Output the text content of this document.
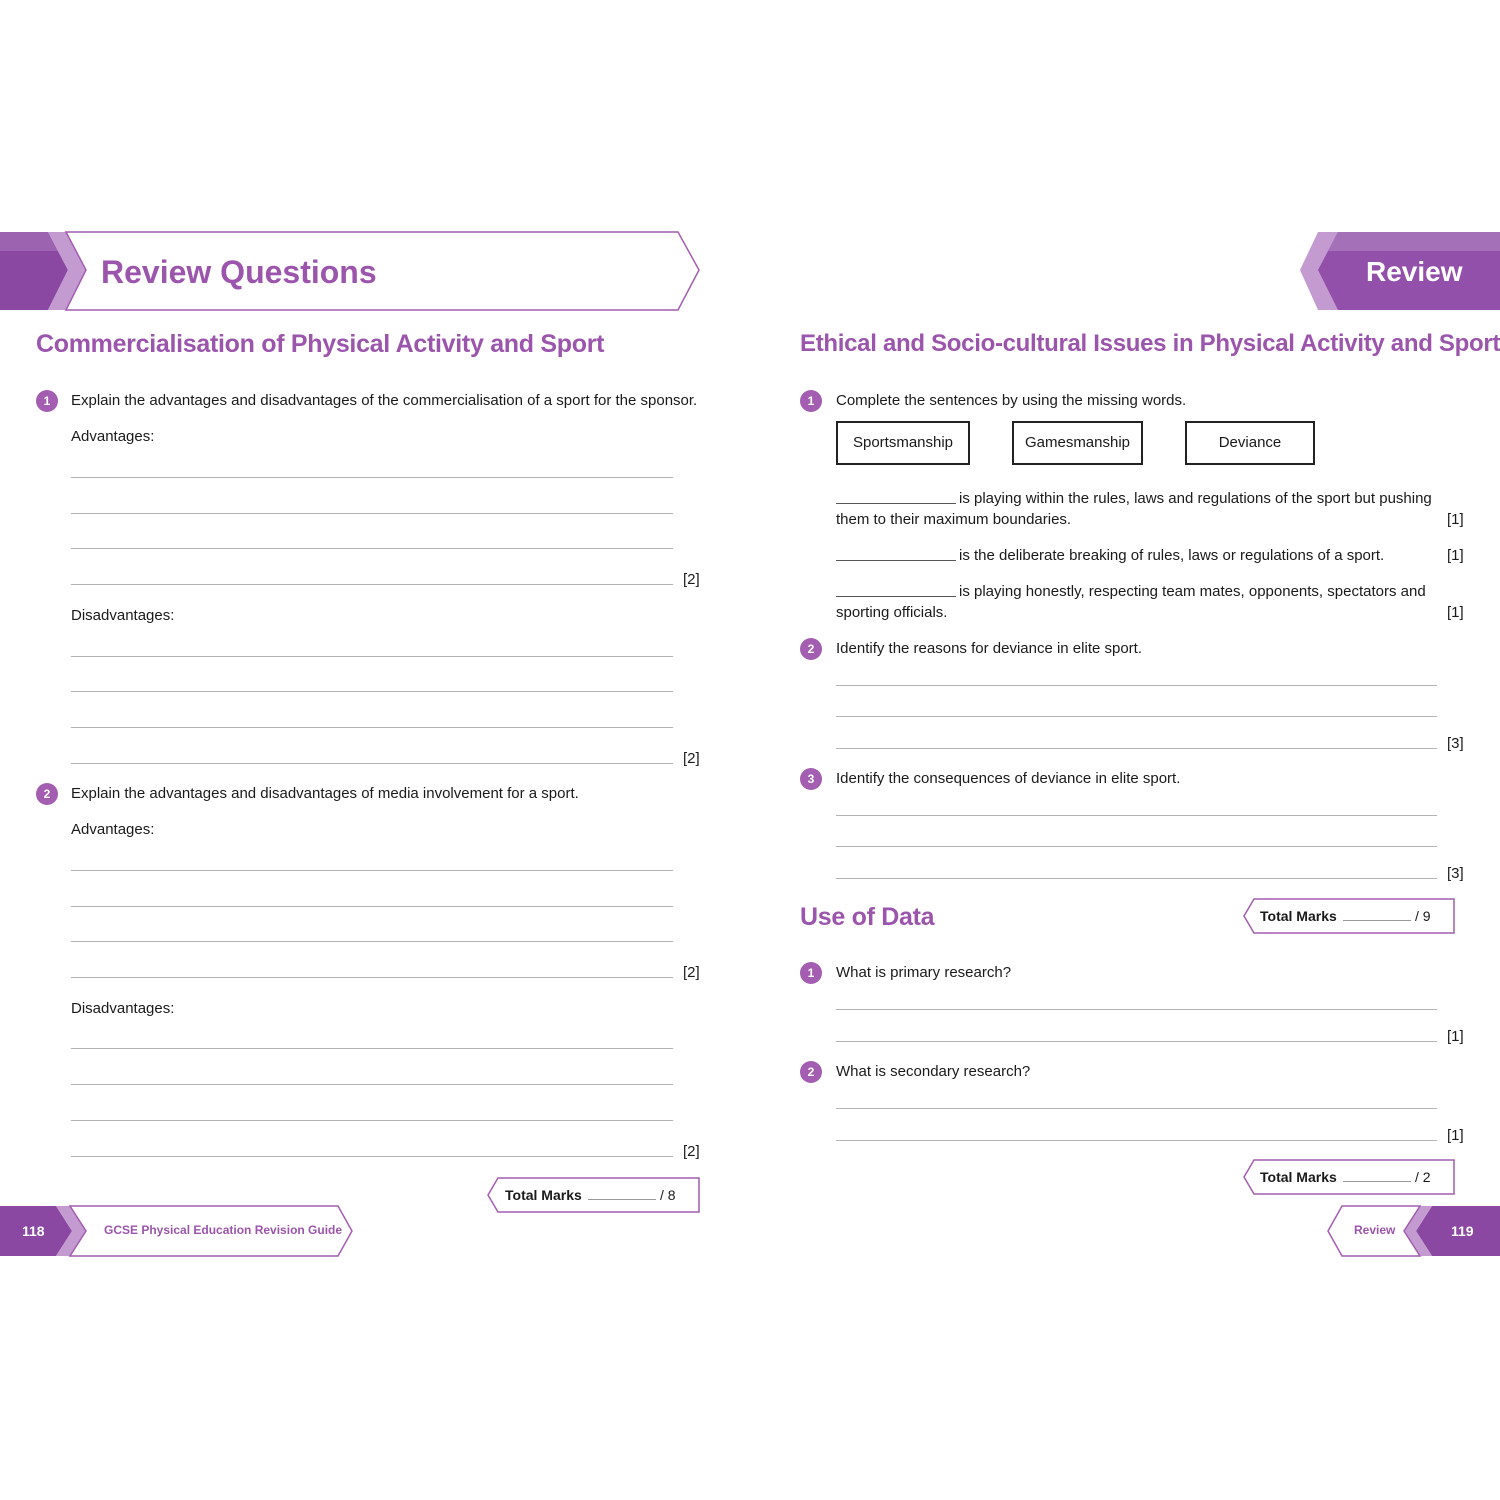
Review Questions
Commercialisation of Physical Activity and Sport
1	Explain the advantages and disadvantages of the commercialisation of a sport for the sponsor.
Advantages:
[2]
Disadvantages:
[2]
2	Explain the advantages and disadvantages of media involvement for a sport.
Advantages:
[2]
Disadvantages:
[2]
Total Marks	/ 8
118	GCSE Physical Education Revision Guide
Review
Ethical and Socio-cultural Issues in Physical Activity and Sport
1	Complete the sentences by using the missing words.
Sportsmanship	Gamesmanship	Deviance
is playing within the rules, laws and regulations of the sport but pushing
them to their maximum boundaries.	[1]
is the deliberate breaking of rules, laws or regulations of a sport.	[1]
is playing honestly, respecting team mates, opponents, spectators and
sporting officials.	[1]
2	Identify the reasons for deviance in elite sport.
[3]
3	Identify the consequences of deviance in elite sport.
[3]
Use of Data	Total Marks	/ 9
1	What is primary research?
[1]
2	What is secondary research?
[1]
Total Marks	/ 2
Review	119
